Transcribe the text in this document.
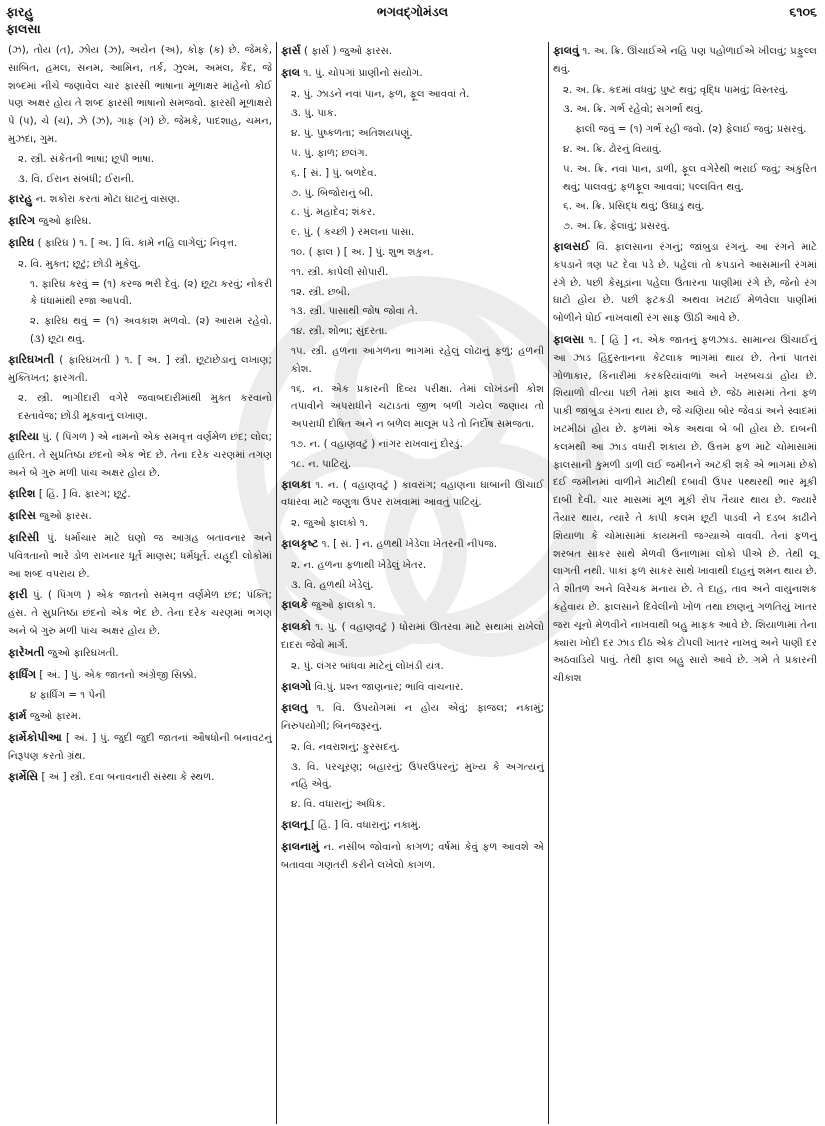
ફારહુ
ફાલસા
ભગવદ્ગોમંડલ	૬૧૦૬
(ઝ), તોય (ત), ઝોય (ઝ), અયેન (અ), કોફ (ક) છે. જેમકે, સાબિત, હમલ, સનમ, આમિન, તર્ક, ઝુલ્મ, અમલ, કૈદ, જે શબ્દમાં નીચે જણાવેલ ચાર ફારસી ભાષાના મૂળાક્ષર માંહેનો કોઈ પણ અક્ષર હોય તે શબ્દ ફારસી ભાષાનો સમજવો. ફારસી મૂળાક્ષરો પે (પ), ચે (ચ), ઝે (ઝ), ગાફ (ગ) છે. જેમકે, પાદશાહ, ચમન, મુઝદા, ગુમ.
૨. સ્ત્રી. સંકેતની ભાષા; છૂપી ભાષા.
૩. વિ. ઈરાન સંબંધી; ઈરાની.
ફારહુ ન. શકોરા કરતાં મોટા ઘાટનું વાસણ.
ફારિગ જુઓ ફારિઘ.
ફારિઘ ( ફારિઘ ) ૧. [ અ. ] વિ. કામે નહિ લાગેલું; નિવૃત્ત.
૨. વિ. મુક્ત; છૂટું; છોડી મૂકેલું.
૧. ફારિઘ કરવું = (૧) કરજ ભરી દેવું. (૨) છૂટા કરવું; નોકરી કે ધંધામાંથી રજા આપવી.
૨. ફારિઘ થવું = (૧) અવકાશ મળવો. (૨) આરામ રહેવો. (૩) છૂટા થવું.
ફારિઘખતી ( ફારિઘખતી ) ૧. [ અ. ] સ્ત્રી. છૂટાછેડાનું લખાણ; મુક્તિખત; ફારગતી.
૨. સ્ત્રી. ભાગીદારી વગેરે જવાબદારીમાંથી મુક્ત કરવાનો દસ્તાવેજ; છોડી મૂકવાનું લખાણ.
ફારિયા પું. ( પિંગળ ) એ નામનો એક સમવૃત્ત વર્ણમેળ છંદ; લોલ; હારિત. તે સુપ્રતિષ્ઠા છંદનો એક ભેદ છે. તેના દરેક ચરણમાં તગણ અને બે ગુરુ મળી પાંચ અક્ષર હોય છે.
ફારિશ [ હિં. ] વિ. ફારગ; છૂટું.
ફારિસ જુઓ ફારસ.
ફારિસી પું. ધર્માચાર માટે ઘણો જ આગ્રહ બતાવનાર અને પવિત્રતાનો ભારે ડોળ રાખનાર ધૂર્ત માણસ; ધર્મધૂર્ત. યહૂદી લોકોમાં આ શબ્દ વપરાય છે.
ફારી પું. ( પિંગળ ) એક જાતનો સમવૃત્ત વર્ણમેળ છંદ; પંક્તિ; હંસ. તે સુપ્રતિષ્ઠા છંદનો એક ભેદ છે. તેના દરેક ચરણમાં ભગણ અને બે ગુરુ મળી પાંચ અક્ષર હોય છે.
ફારેખતી જુઓ ફારિઘખતી.
ફાર્ધિંગ [ અં. ] પું. એક જાતનો અંગ્રેજી સિક્કો.
૪ ફાર્ધિંગ = ૧ પેની
ફાર્મ જુઓ ફારમ.
ફાર્મેકોપીઆ [ અં. ] પું. જુદી જુદી જાતનાં ઔષધોની બનાવટનું નિરૂપણ કરતો ગ્રંથ.
ફાર્મેસિ [ અં ] સ્ત્રી. દવા બનાવનારી સંસ્થા કે સ્થળ.
ફાર્સ ( ફાર્સ ) જુઓ ફારસ.
ફાલ ૧. પું. ચોપગાં પ્રાણીનો સંયોગ.
૨. પું. ઝાડને નવાં પાન, ફળ, ફૂલ આવવાં તે.
૩. પું. પાક.
૪. પું. પુષ્કળતા; અતિશયપણું.
૫. પું. ફાળ; છલંગ.
૬. [ સં. ] પું. બળદેવ.
૭. પું. બિજોરાનું બી.
૮. પું. મહાદેવ; શંકર.
૯. પું. ( કચ્છી ) રમલના પાસા.
૧૦. ( ફાલ ) [ અ. ] પું. શુભ શકુન.
૧૧. સ્ત્રી. કાપેલી સોપારી.
૧૨. સ્ત્રી. છબી.
૧૩. સ્ત્રી. પાસાથી જોષ જોવા તે.
૧૪. સ્ત્રી. શોભા; સુંદરતા.
૧૫. સ્ત્રી. હળના આગળના ભાગમાં રહેલું લોઢાનું ફળું; હળની કોશ.
૧૬. ન. એક પ્રકારની દિવ્ય પરીક્ષા. તેમાં લોખંડની કોશ તપાવીને અપરાધીને ચટાડતાં જીભ બળી ગયેલ જણાય તો અપરાધી દોષિત અને ન બળેલ માલૂમ પડે તો નિર્દોષ સમજતા.
૧૭. ન. ( વહાણવટું ) નાંગર રાખવાનું દોરડું.
૧૮. ન. પાટિયું.
ફાલકા ૧. ન. ( વહાણવટું ) કાવરાંગ; વહાણના ઘાબાની ઊંચાઈ વધારવા માટે જણુત્રા ઉપર રાખવામાં આવતું પાટિયું.
૨. જુઓ ફાલકો ૧.
ફાલકૃષ્ટ ૧. [ સં. ] ન. હળથી ખેડેલા ખેતરની નીપજ.
૨. ન. હળના ફળાથી ખેડેલું ખેતર.
૩. વિ. હળથી ખેડેલું.
ફાલકે જુઓ ફાલકો ૧.
ફાલકો ૧. પું. ( વહાણવટું ) ધોરામાં ઊતરવા માટે સથામાં રાખેલો દાદરા જેવો માર્ગ.
૨. પું. લંગર બાંધવા માટેનું લોખંડી યંત્ર.
ફાલગો વિ.પું. પ્રશ્ન જાણનાર; ભાવિ વાંચનાર.
ફાલતુ ૧. વિ. ઉપયોગમાં ન હોય એવું; ફાજલ; નકામું; નિરુપયોગી; બિનજરૂરનું.
૨. વિ. નવરાશનું; ફુરસદનું.
૩. વિ. પરચૂરણ; બહારનું; ઉપરઉપરનું; મુખ્ય કે અગત્યનું નહિ એવું.
૪. વિ. વધારાનું; અધિક.
ફાલતૂ [ હિં. ] વિ. વધારાનું; નકામું.
ફાલનામું ન. નસીબ જોવાનો કાગળ; વર્ષમાં કેવું ફળ આવશે એ બતાવવા ગણતરી કરીને લખેલો કાગળ.
ફાલવું ૧. અ. ક્રિ. ઊંચાઈએ નહિ પણ પહોળાઈએ ખીલવું; પ્રફુલ્લ થવું.
૨. અ. ક્રિ. કદમાં વધવું; પુષ્ટ થવું; વૃદ્ધિ પામવું; વિસ્તરવું.
૩. અ. ક્રિ. ગર્ભ રહેવો; સગર્ભા થવું.
ફાલી જવું = (૧) ગર્ભ રહી જવો. (૨) ફેલાઈ જવું; પ્રસરવું.
૪. અ. ક્રિ. ઢોરનું વિયાવું.
૫. અ. ક્રિ. નવાં પાન, ડાળી, ફૂલ વગેરેથી ભરાઈ જવું; અંકુરિત થવું; પાલવવું; ફળફૂલ આવવાં; પલ્લવિત થવું.
૬. અ. ક્રિ. પ્રસિદ્ધ થવું; ઉઘાડું થવું.
૭. અ. ક્રિ. ફેલાવું; પ્રસરવું.
ફાલસઈ વિ. ફાલસાના રંગનું; જાંબુડા રંગનું. આ રંગને માટે કપડાને ત્રણ પટ દેવા પડે છે. પહેલાં તો કપડાને આસમાની રંગમાં રંગે છે. પછી કેસૂડાંના પહેલા ઉતારના પાણીમાં રંગે છે, જેનો રંગ ઘાટો હોય છે. પછી ફટકડી અથવા ખટાઈ મેળવેલા પાણીમાં બોળીને ધોઈ નાખવાથી રંગ સાફ ઊઠી આવે છે.
ફાલસા ૧. [ હિં ] ન. એક જાતનું ફળઝાડ. સામાન્ય ઊંચાઈનું આ ઝાડ હિંદુસ્તાનના કેટલાક ભાગમાં થાય છે. તેનાં પાતરાં ગોળાકાર, કિનારીમાં કરકરિયાંવાળાં અને ખરબચડાં હોય છે. શિયાળો વીત્યા પછી તેમાં ફાલ આવે છે. જેઠ માસમાં તેનાં ફળ પાકી જાંબુડા રંગનાં થાય છે, જે ચણિયા બોર જેવડાં અને સ્વાદમાં ખટમીઠાં હોય છે. ફળમાં એક અથવા બે બી હોય છે. દાબની કલમથી આ ઝાડ વધારી શકાય છે. ઉત્તમ ફળ માટે ચોમાસામાં ફાલસાની કુમળી ડાળી લઈ જમીનને અટકી શકે એ ભાગમાં છેકો દઈ જમીનમાં વાળીને માટીથી દબાવી ઉપર પથ્થરથી ભાર મૂકી દાબી દેવી. ચાર માસમાં મૂળ મૂકી રોપ તૈયાર થાય છે. જ્યારે તૈયાર થાય, ત્યારે તે કાપી કલમ છૂટી પાડવી ને દડબ કાઢીને શિયાળા કે ચોમાસામાં કાયમની જગ્યાએ વાવવી. તેનાં ફળનું શરબત સાકર સાથે મેળવી ઉનાળામાં લોકો પીએ છે. તેથી લૂ લાગતી નથી. પાકાં ફળ સાકર સાથે ખાવાથી દાહનું શમન થાય છે. તે શીતળ અને વિરેચક મનાય છે. તે દાહ, તાવ અને વાયુનાશક કહેવાય છે. ફાલસાને દિવેલીનો ખોળ તથા છાણનું ગળતિયું ખાતર જરા ચૂનો મેળવીને નાખવાથી બહુ માફક આવે છે. શિયાળામાં તેના ક્યારા ખોદી દર ઝાડ દીઠ એક ટોપલી ખાતર નાખવું અને પાણી દર અઠવાડિયે પાવું. તેથી ફાલ બહુ સારો આવે છે. ગમે તે પ્રકારની ચીકાશ
